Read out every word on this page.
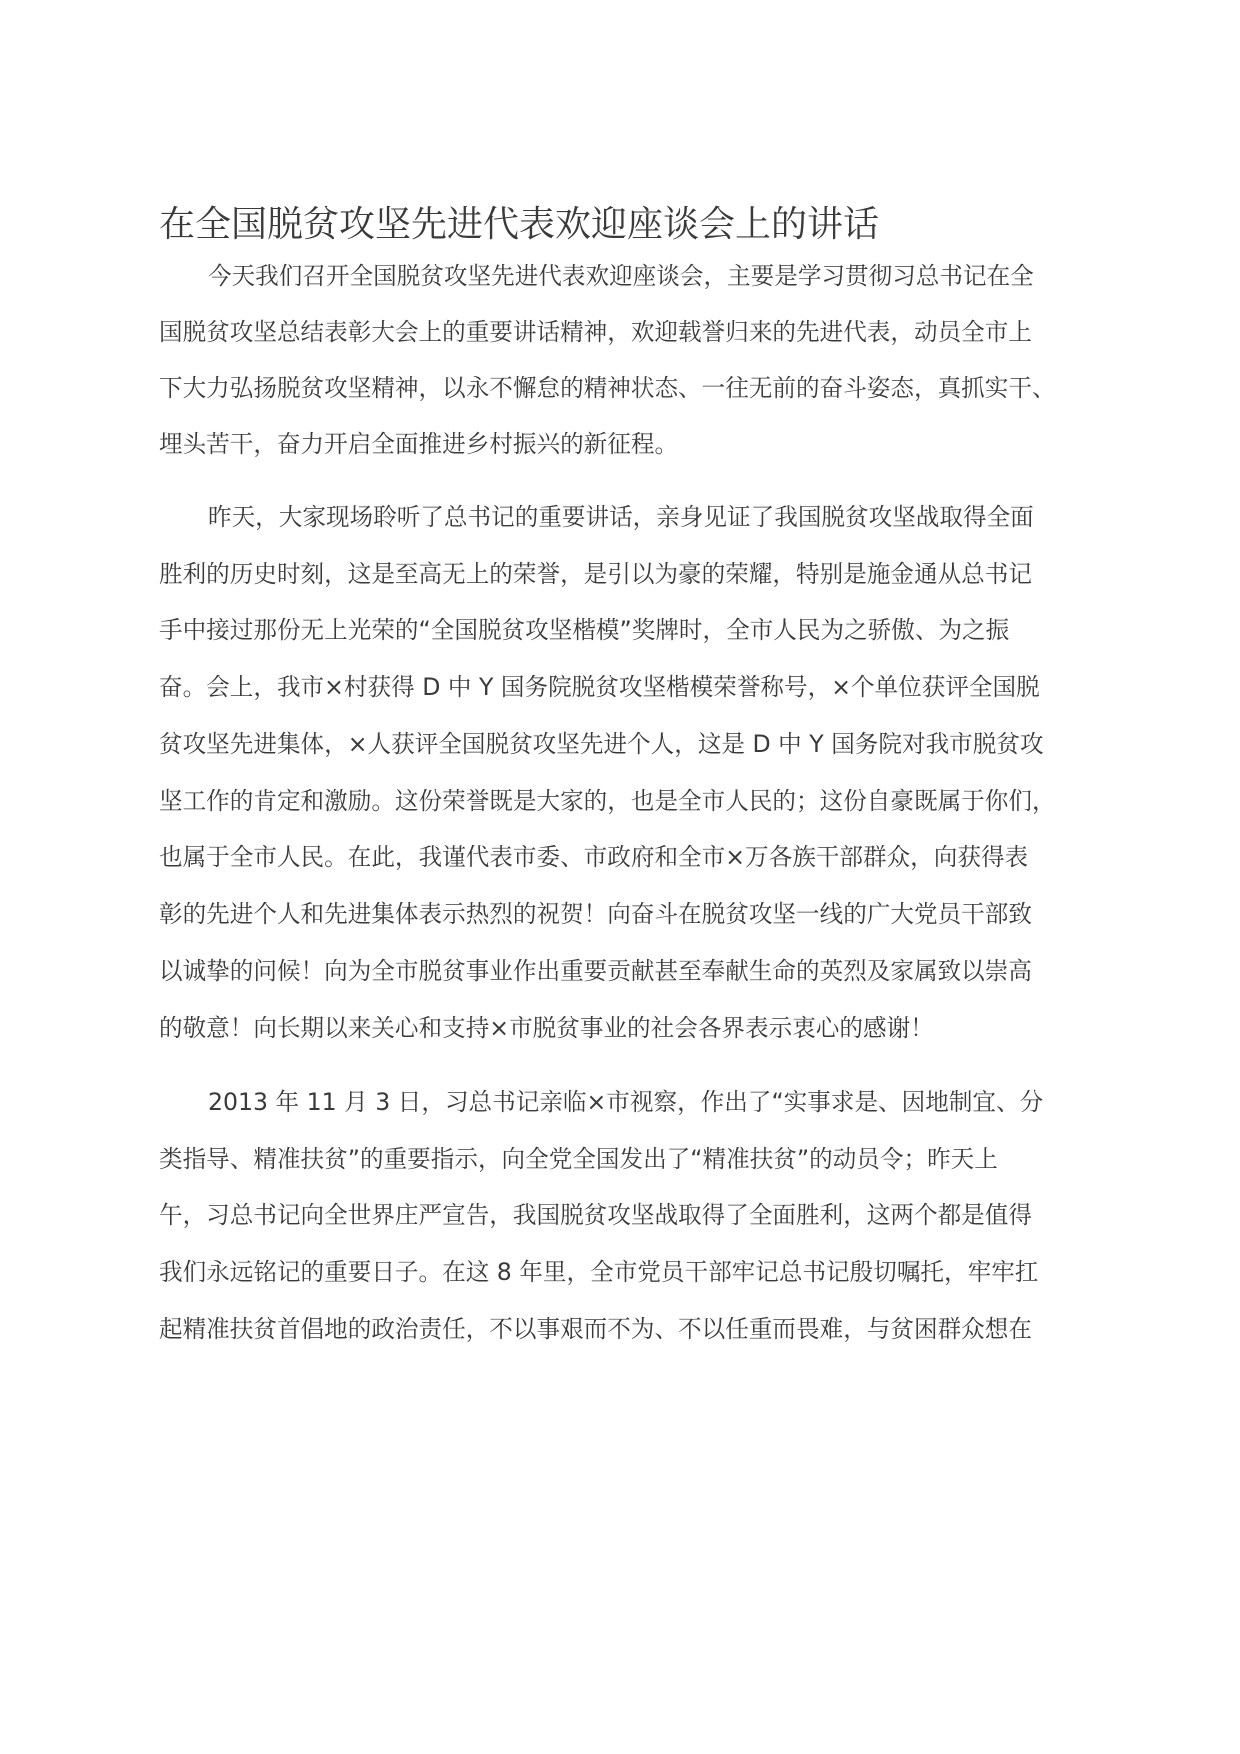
在全国脱贫攻坚先进代表欢迎座谈会上的讲话
今天我们召开全国脱贫攻坚先进代表欢迎座谈会，主要是学习贯彻习总书记在全
国脱贫攻坚总结表彰大会上的重要讲话精神，欢迎载誉归来的先进代表，动员全市上
下大力弘扬脱贫攻坚精神，以永不懈怠的精神状态、一往无前的奋斗姿态，真抓实干、
埋头苦干，奋力开启全面推进乡村振兴的新征程。
昨天，大家现场聆听了总书记的重要讲话，亲身见证了我国脱贫攻坚战取得全面
胜利的历史时刻，这是至高无上的荣誉，是引以为豪的荣耀，特别是施金通从总书记
手中接过那份无上光荣的“全国脱贫攻坚楷模”奖牌时，全市人民为之骄傲、为之振
奋。会上，我市×村获得 D 中 Y 国务院脱贫攻坚楷模荣誉称号，×个单位获评全国脱
贫攻坚先进集体，×人获评全国脱贫攻坚先进个人，这是 D 中 Y 国务院对我市脱贫攻
坚工作的肯定和激励。这份荣誉既是大家的，也是全市人民的；这份自豪既属于你们，
也属于全市人民。在此，我谨代表市委、市政府和全市×万各族干部群众，向获得表
彰的先进个人和先进集体表示热烈的祝贺！向奋斗在脱贫攻坚一线的广大党员干部致
以诚挚的问候！向为全市脱贫事业作出重要贡献甚至奉献生命的英烈及家属致以崇高
的敬意！向长期以来关心和支持×市脱贫事业的社会各界表示衷心的感谢！
2013 年 11 月 3 日，习总书记亲临×市视察，作出了“实事求是、因地制宜、分
类指导、精准扶贫”的重要指示，向全党全国发出了“精准扶贫”的动员令；昨天上
午，习总书记向全世界庄严宣告，我国脱贫攻坚战取得了全面胜利，这两个都是值得
我们永远铭记的重要日子。在这 8 年里，全市党员干部牢记总书记殷切嘱托，牢牢扛
起精准扶贫首倡地的政治责任，不以事艰而不为、不以任重而畏难，与贫困群众想在
